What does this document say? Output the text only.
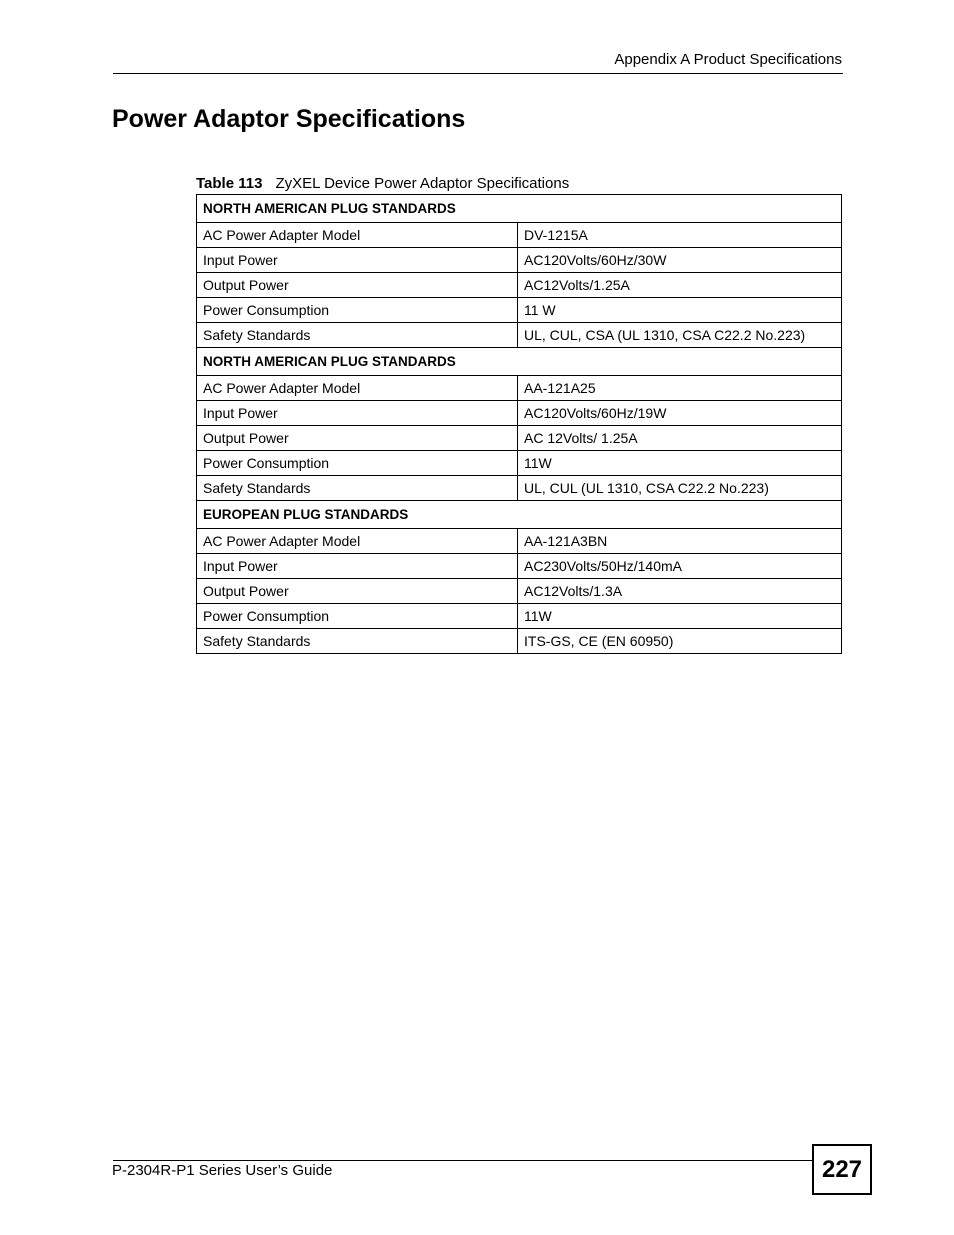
Appendix A Product Specifications
Power Adaptor Specifications
Table 113 ZyXEL Device Power Adaptor Specifications
NORTH AMERICAN PLUG STANDARDS	
AC Power Adapter Model	DV-1215A
Input Power	AC120Volts/60Hz/30W
Output Power	AC12Volts/1.25A
Power Consumption	11 W
Safety Standards	UL, CUL, CSA (UL 1310, CSA C22.2 No.223)
NORTH AMERICAN PLUG STANDARDS	
AC Power Adapter Model	AA-121A25
Input Power	AC120Volts/60Hz/19W
Output Power	AC 12Volts/ 1.25A
Power Consumption	11W
Safety Standards	UL, CUL (UL 1310, CSA C22.2 No.223)
EUROPEAN PLUG STANDARDS	
AC Power Adapter Model	AA-121A3BN
Input Power	AC230Volts/50Hz/140mA
Output Power	AC12Volts/1.3A
Power Consumption	11W
Safety Standards	ITS-GS, CE (EN 60950)
P-2304R-P1 Series User’s Guide	227
